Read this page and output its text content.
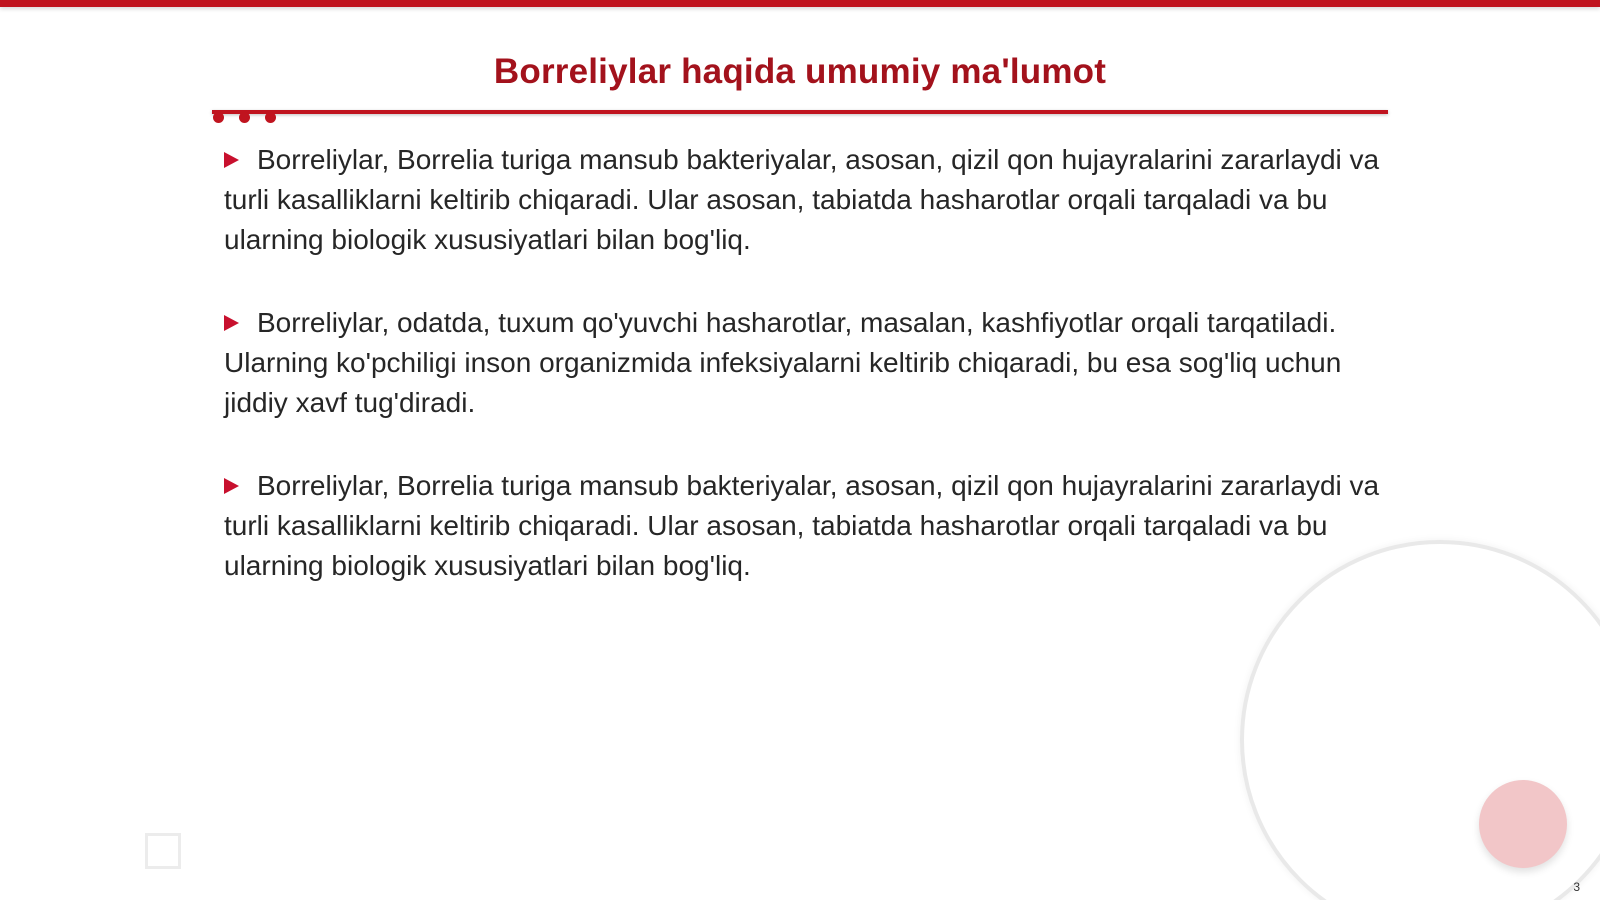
Borreliylar haqida umumiy ma'lumot

Borreliylar, Borrelia turiga mansub bakteriyalar, asosan, qizil qon hujayralarini zararlaydi va turli kasalliklarni keltirib chiqaradi. Ular asosan, tabiatda hasharotlar orqali tarqaladi va bu ularning biologik xususiyatlari bilan bog'liq.

Borreliylar, odatda, tuxum qo'yuvchi hasharotlar, masalan, kashfiyotlar orqali tarqatiladi. Ularning ko'pchiligi inson organizmida infeksiyalarni keltirib chiqaradi, bu esa sog'liq uchun jiddiy xavf tug'diradi.

Borreliylar, Borrelia turiga mansub bakteriyalar, asosan, qizil qon hujayralarini zararlaydi va turli kasalliklarni keltirib chiqaradi. Ular asosan, tabiatda hasharotlar orqali tarqaladi va bu ularning biologik xususiyatlari bilan bog'liq.

3
